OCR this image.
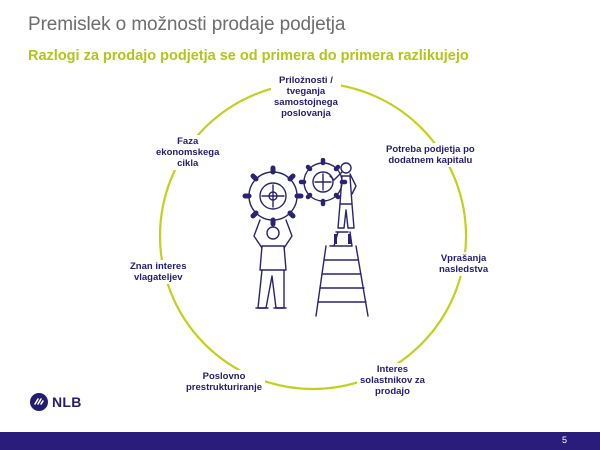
Premislek o možnosti prodaje podjetja
Razlogi za prodajo podjetja se od primera do primera razlikujejo
Priložnosti /
tveganja
samostojnega
poslovanja
Potreba podjetja po
dodatnem kapitalu
Vprašanja
nasledstva
Interes
solastnikov za
prodajo
Poslovno
prestrukturiranje
Znan interes
vlagateljev
Faza
ekonomskega
cikla
NLB
5
